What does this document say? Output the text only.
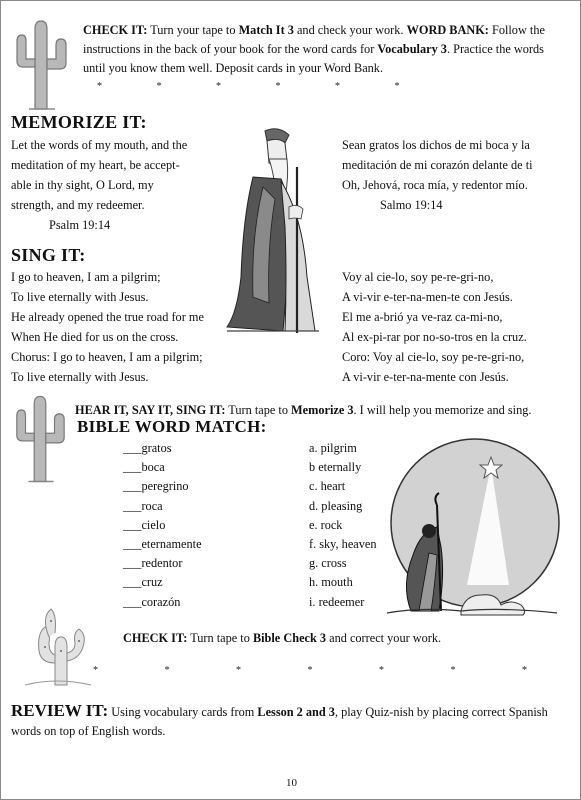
CHECK IT: Turn your tape to Match It 3 and check your work. WORD BANK: Follow the instructions in the back of your book for the word cards for Vocabulary 3. Practice the words until you know them well. Deposit cards in your Word Bank.
* * * * * *
MEMORIZE IT:
Let the words of my mouth, and the
meditation of my heart, be accept-
able in thy sight, O Lord, my
strength, and my redeemer.
Psalm 19:14
Sean gratos los dichos de mi boca y la
meditación de mi corazón delante de ti
Oh, Jehová, roca mía, y redentor mío.
Salmo 19:14
SING IT:
I go to heaven, I am a pilgrim;
To live eternally with Jesus.
He already opened the true road for me
When He died for us on the cross.
Chorus: I go to heaven, I am a pilgrim;
To live eternally with Jesus.
Voy al cie-lo, soy pe-re-gri-no,
A vi-vir e-ter-na-men-te con Jesús.
El me a-brió ya ve-raz ca-mi-no,
Al ex-pi-rar por no-so-tros en la cruz.
Coro: Voy al cie-lo, soy pe-re-gri-no,
A vi-vir e-ter-na-mente con Jesús.
HEAR IT, SAY IT, SING IT: Turn tape to Memorize 3. I will help you memorize and sing.
BIBLE WORD MATCH:
___gratos
___boca
___peregrino
___roca
___cielo
___eternamente
___redentor
___cruz
___corazón
a. pilgrim
b eternally
c. heart
d. pleasing
e. rock
f. sky, heaven
g. cross
h. mouth
i. redeemer
CHECK IT: Turn tape to Bible Check 3 and correct your work.
* * * * * * *
REVIEW IT: Using vocabulary cards from Lesson 2 and 3, play Quiz-nish by placing correct Spanish words on top of English words.
10
